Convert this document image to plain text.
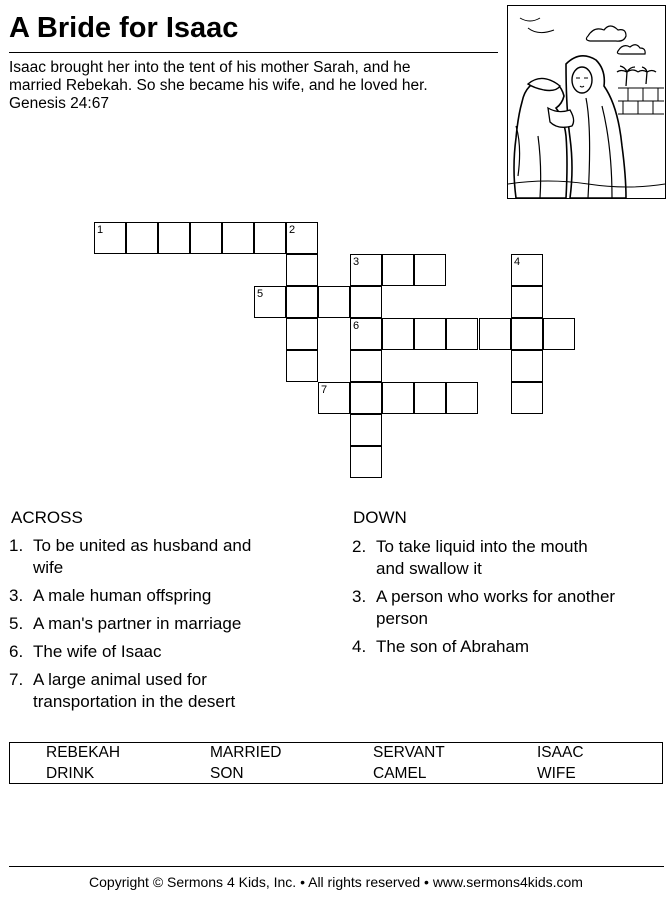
A Bride for Isaac
Isaac brought her into the tent of his mother Sarah, and he
married Rebekah. So she became his wife, and he loved her.
Genesis 24:67
1	2
3	4
5
6
7
ACROSS
1. To be united as husband and
wife
3. A male human offspring
5. A man's partner in marriage
6. The wife of Isaac
7. A large animal used for
transportation in the desert
DOWN
2. To take liquid into the mouth
and swallow it
3. A person who works for another
person
4. The son of Abraham
REBEKAH	MARRIED	SERVANT	ISAAC
DRINK	SON	CAMEL	WIFE
Copyright © Sermons 4 Kids, Inc. • All rights reserved • www.sermons4kids.com
